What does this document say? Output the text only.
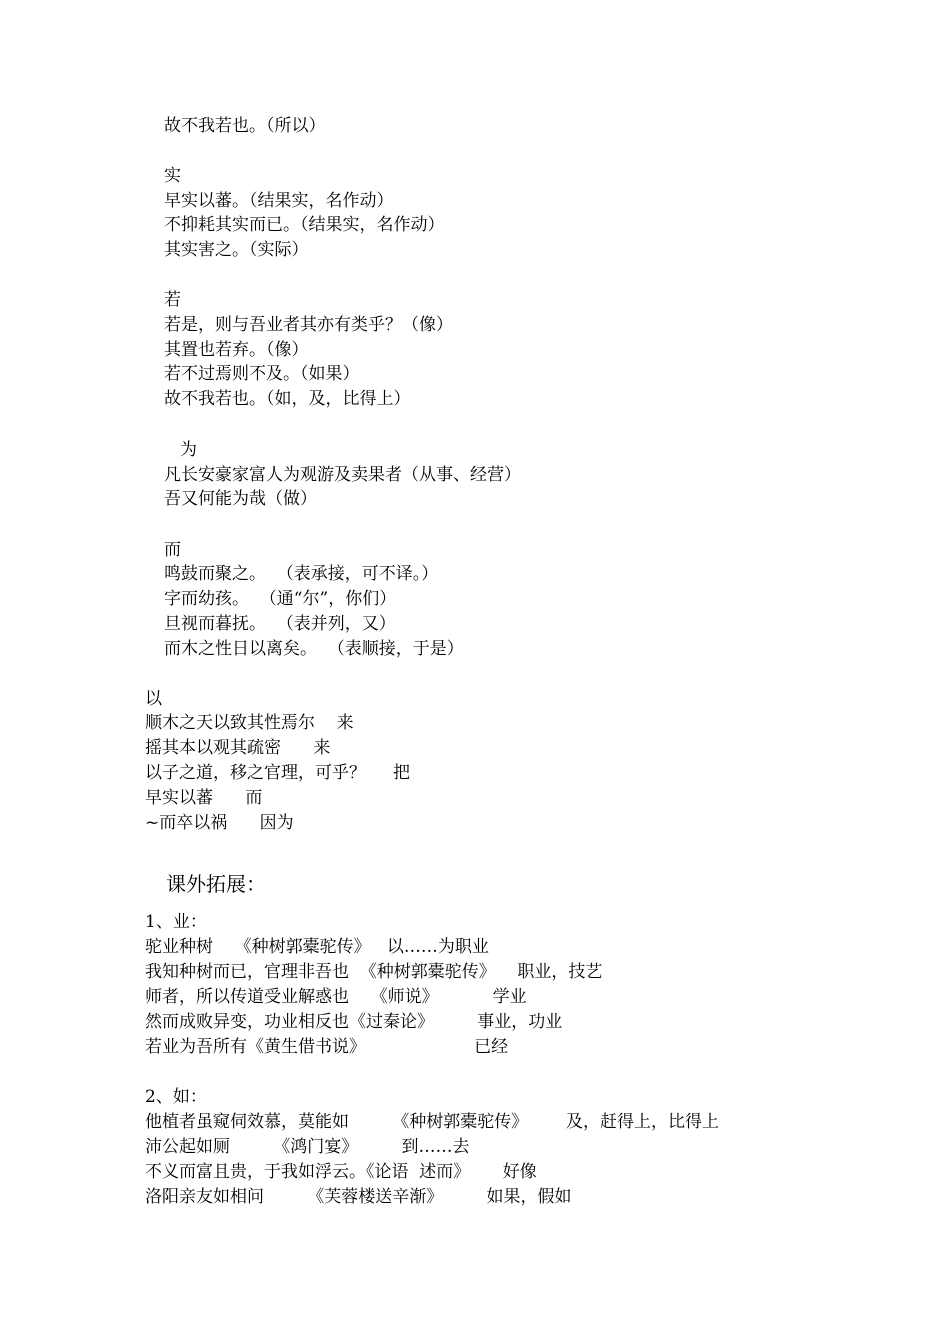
故不我若也。（所以）
实
早实以蕃。（结果实，名作动）
不抑耗其实而已。（结果实，名作动）
其实害之。（实际）
若
若是，则与吾业者其亦有类乎？（像）
其置也若弃。（像）
若不过焉则不及。（如果）
故不我若也。（如，及，比得上）
为
凡长安豪家富人为观游及卖果者（从事、经营）
吾又何能为哉（做）
而
鸣鼓而聚之。  （表承接，可不译。）
字而幼孩。  （通“尔”，你们）
旦视而暮抚。  （表并列，又）
而木之性日以离矣。  （表顺接，于是）
以
顺木之天以致其性焉尔    来
摇其本以观其疏密      来
以子之道，移之官理，可乎？     把
早实以蕃      而
~而卒以祸      因为
课外拓展：
1、业：
驼业种树    《种树郭橐驼传》   以……为职业
我知种树而已，官理非吾也  《种树郭橐驼传》    职业，技艺
师者，所以传道受业解惑也    《师说》          学业
然而成败异变，功业相反也《过秦论》        事业，功业
若业为吾所有《黄生借书说》                    已经
2、如：
他植者虽窥伺效慕，莫能如        《种树郭橐驼传》       及，赶得上，比得上
沛公起如厕        《鸿门宴》        到……去
不义而富且贵，于我如浮云。《论语  述而》      好像
洛阳亲友如相问        《芙蓉楼送辛渐》        如果，假如
